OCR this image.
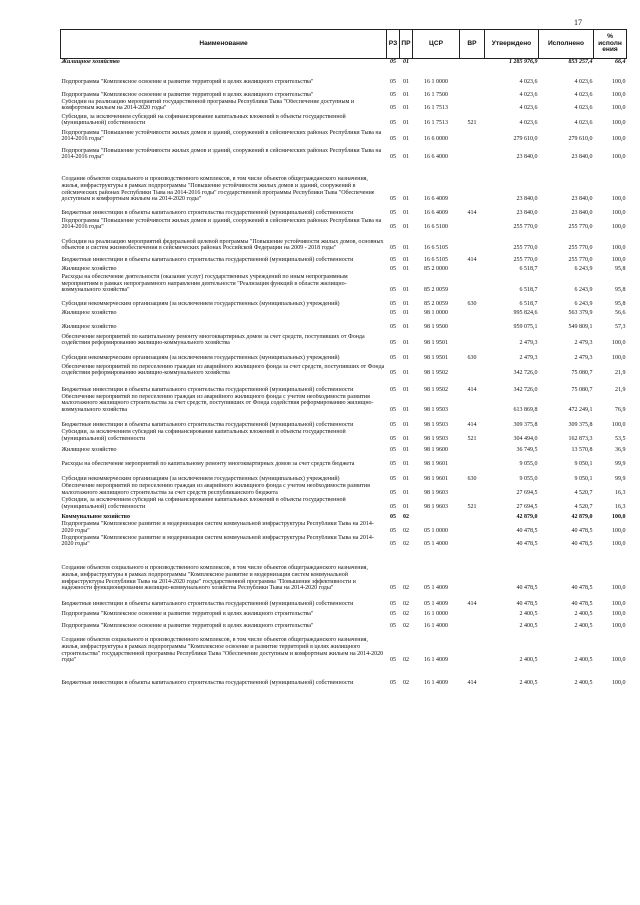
17
Наименование	РЗ	ПР	ЦСР	ВР	Утверждено	Исполнено	% исполн ения
Жилищное хозяйство	05	01			1 285 976,9	853 257,4	66,4
Подпрограмма "Комплексное освоение и развитие территорий в целях жилищного строительства"	05	01	16 1 0000		4 023,6	4 023,6	100,0
Подпрограмма "Комплексное освоение и развитие территорий в целях жилищного строительства"	05	01	16 1 7500		4 023,6	4 023,6	100,0
Субсидии на реализацию мероприятий государственной программы Республики Тыва "Обеспечение доступным и комфортным жильем на 2014-2020 годы"	05	01	16 1 7513		4 023,6	4 023,6	100,0
Субсидии, за исключением субсидий на софинансирование капитальных вложений в объекты государственной (муниципальной) собственности	05	01	16 1 7513	521	4 023,6	4 023,6	100,0
Подпрограмма "Повышение устойчивости жилых домов и зданий, сооружений в сейсмических районах Республики Тыва на 2014-2016 годы"	05	01	16 6 0000		279 610,0	279 610,0	100,0
Подпрограмма "Повышение устойчивости жилых домов и зданий, сооружений в сейсмических районах Республики Тыва на 2014-2016 годы"	05	01	16 6 4000		23 840,0	23 840,0	100,0
Создание объектов социального и производственного комплексов, в том числе объектов общегражданского назначения, жилья, инфраструктуры в рамках подпрограммы "Повышение устойчивости жилых домов и зданий, сооружений в сейсмических районах Республики Тыва на 2014-2016 годы" государственной программы Республики Тыва "Обеспечение доступным и комфортным жильем на 2014-2020 годы"	05	01	16 6 4009		23 840,0	23 840,0	100,0
Бюджетные инвестиции в объекты капитального строительства государственной (муниципальной) собственности	05	01	16 6 4009	414	23 840,0	23 840,0	100,0
Подпрограмма "Повышение устойчивости жилых домов и зданий, сооружений в сейсмических районах Республики Тыва на 2014-2016 годы"	05	01	16 6 5100		255 770,0	255 770,0	100,0
Субсидии на реализацию мероприятий федеральной целевой программы "Повышение устойчивости жилых домов, основных объектов и систем жизнеобеспечения в сейсмических районах Российской Федерации на 2009 - 2018 годы"	05	01	16 6 5105		255 770,0	255 770,0	100,0
Бюджетные инвестиции в объекты капитального строительства государственной (муниципальной) собственности	05	01	16 6 5105	414	255 770,0	255 770,0	100,0
Жилищное хозяйство	05	01	85 2 0000		6 518,7	6 243,9	95,8
Расходы на обеспечение деятельности (оказание услуг) государственных учреждений по иным непрограммным мероприятиям в рамках непрограммного направления деятельности "Реализация функций в области жилищно-коммунального хозяйства"	05	01	85 2 0059		6 518,7	6 243,9	95,8
Субсидии некоммерческим организациям (за исключением государственных (муниципальных) учреждений)	05	01	85 2 0059	630	6 518,7	6 243,9	95,8
Жилищное хозяйство	05	01	98 1 0000		995 824,6	563 379,9	56,6
Жилищное хозяйство	05	01	98 1 9500		959 075,1	549 809,1	57,3
Обеспечение мероприятий по капитальному ремонту многоквартирных домов за счет средств, поступивших от Фонда содействия реформированию жилищно-коммунального хозяйства	05	01	98 1 9501		2 479,3	2 479,3	100,0
Субсидии некоммерческим организациям (за исключением государственных (муниципальных) учреждений)	05	01	98 1 9501	630	2 479,3	2 479,3	100,0
Обеспечение мероприятий по переселению граждан из аварийного жилищного фонда за счет средств, поступивших от Фонда содействия реформированию жилищно-коммунального хозяйства	05	01	98 1 9502		342 726,0	75 080,7	21,9
Бюджетные инвестиции в объекты капитального строительства государственной (муниципальной) собственности	05	01	98 1 9502	414	342 726,0	75 080,7	21,9
Обеспечение мероприятий по переселению граждан из аварийного жилищного фонда с учетом необходимости развития малоэтажного жилищного строительства за счет средств, поступивших от Фонда содействия реформированию жилищно-коммунального хозяйства	05	01	98 1 9503		613 869,8	472 249,1	76,9
Бюджетные инвестиции в объекты капитального строительства государственной (муниципальной) собственности	05	01	98 1 9503	414	309 375,8	309 375,8	100,0
Субсидии, за исключением субсидий на софинансирование капитальных вложений в объекты государственной (муниципальной) собственности	05	01	98 1 9503	521	304 494,0	162 873,3	53,5
Жилищное хозяйство	05	01	98 1 9600		36 749,5	13 570,8	36,9
Расходы на обеспечение мероприятий по капитальному ремонту многоквартирных домов за счет средств бюджета	05	01	98 1 9601		9 055,0	9 050,1	99,9
Субсидии некоммерческим организациям (за исключением государственных (муниципальных) учреждений)	05	01	98 1 9601	630	9 055,0	9 050,1	99,9
Обеспечение мероприятий по переселению граждан из аварийного жилищного фонда с учетом необходимости развития малоэтажного жилищного строительства за счет средств республиканского бюджета	05	01	98 1 9603		27 694,5	4 520,7	16,3
Субсидии, за исключением субсидий на софинансирование капитальных вложений в объекты государственной (муниципальной) собственности	05	01	98 1 9603	521	27 694,5	4 520,7	16,3
Коммунальное хозяйство	05	02			42 879,0	42 879,0	100,0
Подпрограмма "Комплексное развитие и модернизация систем коммунальной инфраструктуры Республики Тыва на 2014-2020 годы"	05	02	05 1 0000		40 478,5	40 478,5	100,0
Подпрограмма "Комплексное развитие и модернизация систем коммунальной инфраструктуры Республики Тыва на 2014-2020 годы"	05	02	05 1 4000		40 478,5	40 478,5	100,0
Создание объектов социального и производственного комплексов, в том числе объектов общегражданского назначения, жилья, инфраструктуры в рамках подпрограммы "Комплексное развитие и модернизация систем коммунальной инфраструктуры Республики Тыва на 2014-2020 годы" государственной программы "Повышение эффективности и надежности функционирования жилищно-коммунального хозяйства Республики Тыва на 2014-2020 годы"	05	02	05 1 4009		40 478,5	40 478,5	100,0
Бюджетные инвестиции в объекты капитального строительства государственной (муниципальной) собственности	05	02	05 1 4009	414	40 478,5	40 478,5	100,0
Подпрограмма "Комплексное освоение и развитие территорий в целях жилищного строительства"	05	02	16 1 0000		2 400,5	2 400,5	100,0
Подпрограмма "Комплексное освоение и развитие территорий в целях жилищного строительства"	05	02	16 1 4000		2 400,5	2 400,5	100,0
Создание объектов социального и производственного комплексов, в том числе объектов общегражданского назначения, жилья, инфраструктуры в рамках подпрограммы "Комплексное освоение и развитие территорий в целях жилищного строительства" государственной программы Республики Тыва "Обеспечение доступным и комфортным жильем на 2014-2020 годы"	05	02	16 1 4009		2 400,5	2 400,5	100,0
Бюджетные инвестиции в объекты капитального строительства государственной (муниципальной) собственности	05	02	16 1 4009	414	2 400,5	2 400,5	100,0
